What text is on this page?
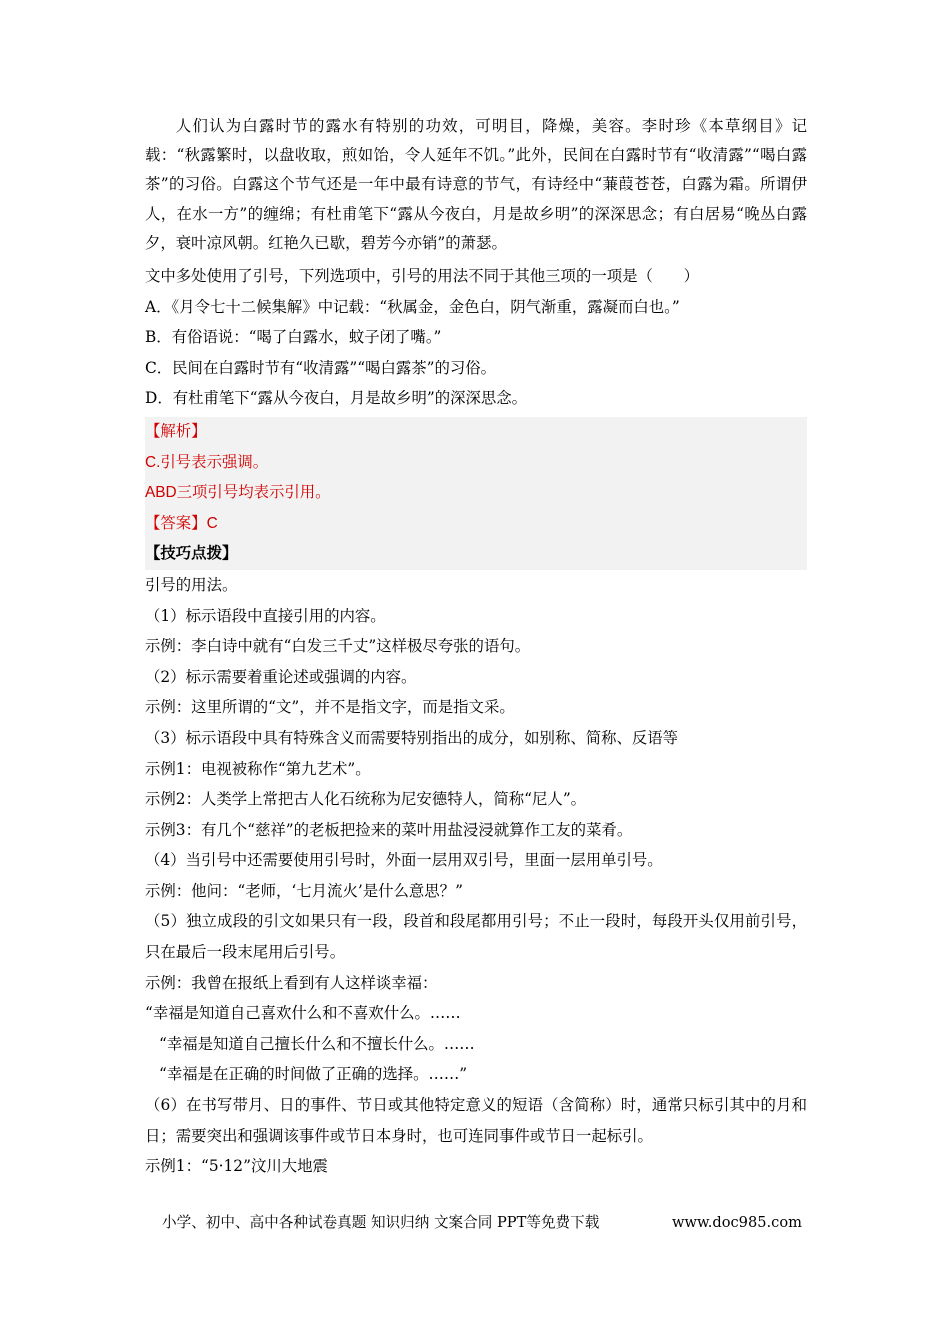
人们认为白露时节的露水有特别的功效，可明目，降燥，美容。李时珍《本草纲目》记载：“秋露繁时，以盘收取，煎如饴，令人延年不饥。”此外，民间在白露时节有“收清露”“喝白露茶”的习俗。白露这个节气还是一年中最有诗意的节气，有诗经中“蒹葭苍苍，白露为霜。所谓伊人，在水一方”的缠绵；有杜甫笔下“露从今夜白，月是故乡明”的深深思念；有白居易“晚丛白露夕，衰叶凉风朝。红艳久已歇，碧芳今亦销”的萧瑟。

文中多处使用了引号，下列选项中，引号的用法不同于其他三项的一项是（　　）
A．《月令七十二候集解》中记载：“秋属金，金色白，阴气渐重，露凝而白也。”
B．有俗语说：“喝了白露水，蚊子闭了嘴。”
C．民间在白露时节有“收清露”“喝白露茶”的习俗。
D．有杜甫笔下“露从今夜白，月是故乡明”的深深思念。
【解析】
C.引号表示强调。
ABD三项引号均表示引用。
【答案】C
【技巧点拨】
引号的用法。
（1）标示语段中直接引用的内容。
示例：李白诗中就有“白发三千丈”这样极尽夸张的语句。
（2）标示需要着重论述或强调的内容。
示例：这里所谓的“文”，并不是指文字，而是指文采。
（3）标示语段中具有特殊含义而需要特别指出的成分，如别称、简称、反语等
示例1：电视被称作“第九艺术”。
示例2：人类学上常把古人化石统称为尼安德特人，简称“尼人”。
示例3：有几个“慈祥”的老板把捡来的菜叶用盐浸浸就算作工友的菜肴。
（4）当引号中还需要使用引号时，外面一层用双引号，里面一层用单引号。
示例：他问：“老师，‘七月流火’是什么意思？”
（5）独立成段的引文如果只有一段，段首和段尾都用引号；不止一段时，每段开头仅用前引号，只在最后一段末尾用后引号。
示例：我曾在报纸上看到有人这样谈幸福：
“幸福是知道自己喜欢什么和不喜欢什么。……
“幸福是知道自己擅长什么和不擅长什么。……
“幸福是在正确的时间做了正确的选择。……”
（6）在书写带月、日的事件、节日或其他特定意义的短语（含简称）时，通常只标引其中的月和日；需要突出和强调该事件或节日本身时，也可连同事件或节日一起标引。
示例1：“5·12”汶川大地震
小学、初中、高中各种试卷真题 知识归纳 文案合同 PPT等免费下载	www.doc985.com
